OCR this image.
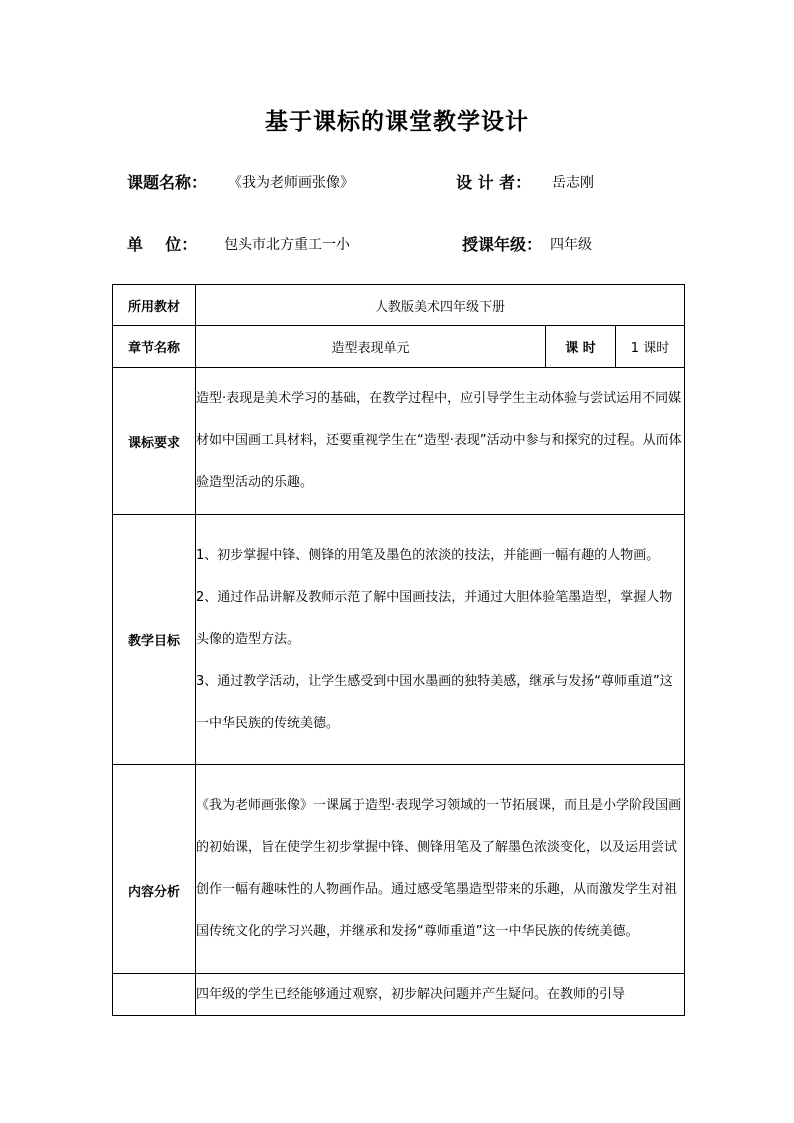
基于课标的课堂教学设计
课题名称： 《我为老师画张像》	设 计 者： 岳志刚
单    位： 包头市北方重工一小	授课年级： 四年级
所用教材	人教版美术四年级下册		
章节名称	造型表现单元	课 时	1 课时
课标要求	造型·表现是美术学习的基础，在教学过程中，应引导学生主动体验与尝试运用不同媒材如中国画工具材料，还要重视学生在“造型·表现”活动中参与和探究的过程。从而体验造型活动的乐趣。		

教学目标	1、初步掌握中锋、侧锋的用笔及墨色的浓淡的技法，并能画一幅有趣的人物画。

2、通过作品讲解及教师示范了解中国画技法，并通过大胆体验笔墨造型，掌握人物头像的造型方法。

3、通过教学活动，让学生感受到中国水墨画的独特美感，继承与发扬“尊师重道”这一中华民族的传统美德。		

内容分析	《我为老师画张像》一课属于造型·表现学习领域的一节拓展课，而且是小学阶段国画的初始课，旨在使学生初步掌握中锋、侧锋用笔及了解墨色浓淡变化，以及运用尝试创作一幅有趣味性的人物画作品。通过感受笔墨造型带来的乐趣，从而激发学生对祖国传统文化的学习兴趣，并继承和发扬“尊师重道”这一中华民族的传统美德。		

	四年级的学生已经能够通过观察，初步解决问题并产生疑问。在教师的引导		
